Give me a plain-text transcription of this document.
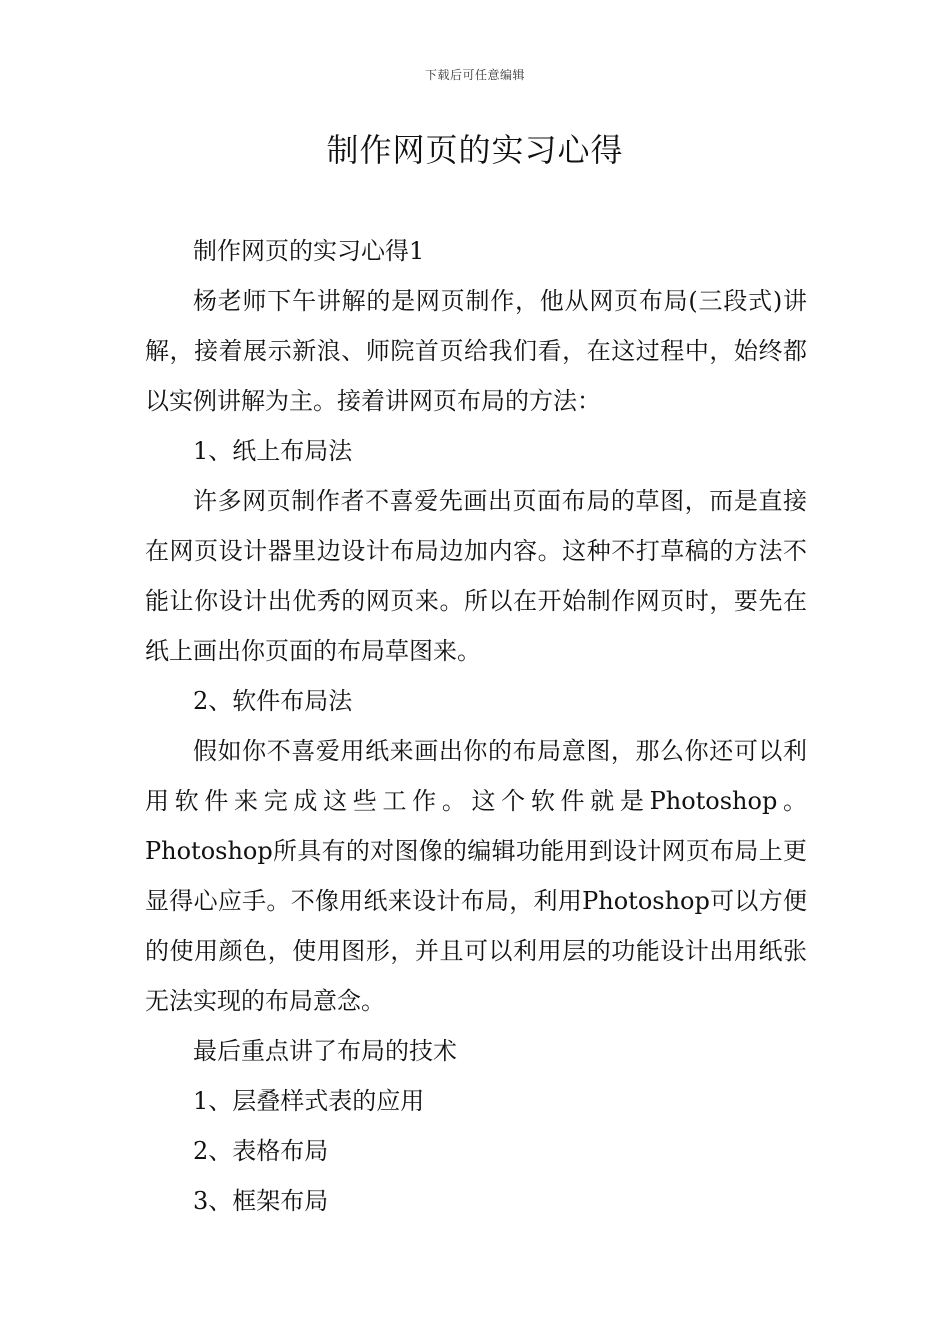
下载后可任意编辑
制作网页的实习心得

制作网页的实习心得1

杨老师下午讲解的是网页制作，他从网页布局(三段式)讲解，接着展示新浪、师院首页给我们看，在这过程中，始终都以实例讲解为主。接着讲网页布局的方法：

1、纸上布局法

许多网页制作者不喜爱先画出页面布局的草图，而是直接在网页设计器里边设计布局边加内容。这种不打草稿的方法不能让你设计出优秀的网页来。所以在开始制作网页时，要先在纸上画出你页面的布局草图来。

2、软件布局法

假如你不喜爱用纸来画出你的布局意图，那么你还可以利用软件来完成这些工作。这个软件就是Photoshop。Photoshop所具有的对图像的编辑功能用到设计网页布局上更显得心应手。不像用纸来设计布局，利用Photoshop可以方便的使用颜色，使用图形，并且可以利用层的功能设计出用纸张无法实现的布局意念。

最后重点讲了布局的技术

1、层叠样式表的应用

2、表格布局

3、框架布局
